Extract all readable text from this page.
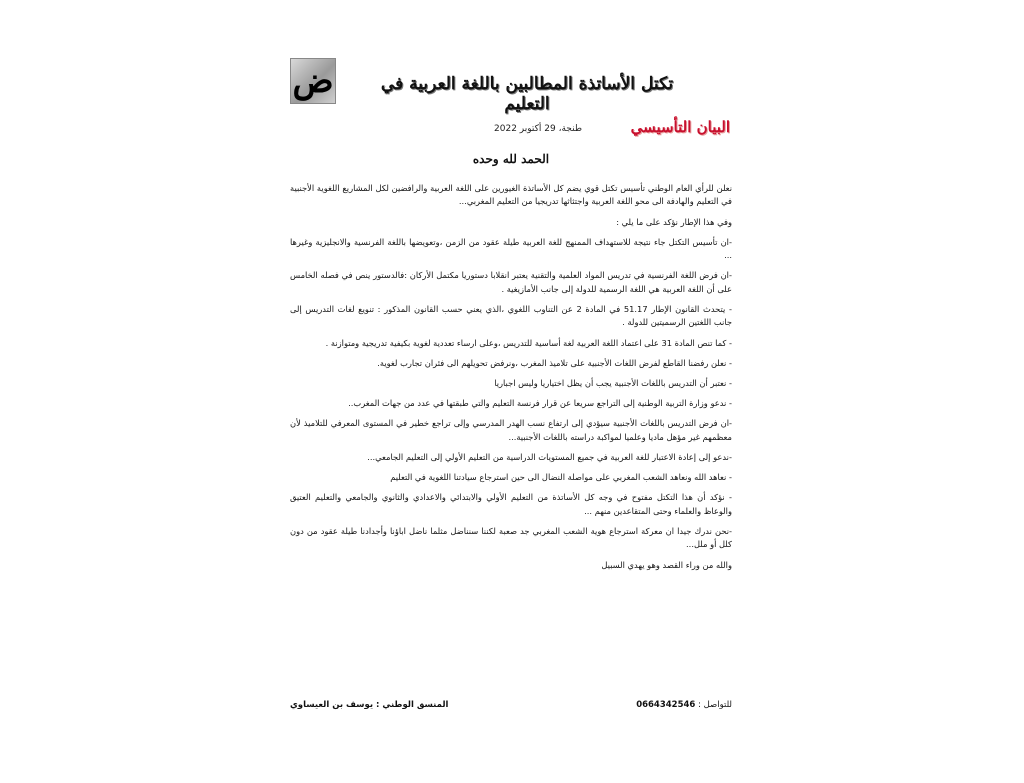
ض	تكتل الأساتذة المطالبين باللغة العربية في التعليم
البيان التأسيسي
طنجة، 29 أكتوبر 2022
الحمد لله وحده

نعلن للرأي العام الوطني تأسيس تكتل قوي يضم كل الأساتذة الغيورين على اللغة العربية والرافضين لكل المشاريع اللغوية الأجنبية في التعليم والهادفة الى محو اللغة العربية واجتثاثها تدريجيا من التعليم المغربي...

وفي هذا الإطار نؤكد على ما يلي :

-ان تأسيس التكتل جاء نتيجة للاستهداف الممنهج للغة العربية طيلة عقود من الزمن ،وتعويضها باللغة الفرنسية والانجليزية وغيرها ...

-ان فرض اللغة الفرنسية في تدريس المواد العلمية والتقنية يعتبر انقلابا دستوريا مكتمل الأركان :فالدستور ينص في فصله الخامس على أن اللغة العربية هي اللغة الرسمية للدولة إلى جانب الأمازيغية .

- يتحدث القانون الإطار 51.17 في المادة 2 عن التناوب اللغوي ،الذي يعني حسب القانون المذكور : تنويع لغات التدريس إلى جانب اللغتين الرسميتين للدولة .

- كما تنص المادة 31 على اعتماد اللغة العربية لغة أساسية للتدريس ،وعلى ارساء تعددية لغوية بكيفية تدريجية ومتوازنة .

- نعلن رفضنا القاطع لفرض اللغات الأجنبية على تلاميذ المغرب ،ونرفض تحويلهم الى فئران تجارب لغوية.

- نعتبر أن التدريس باللغات الأجنبية يجب أن يظل اختياريا وليس اجباريا

- ندعو وزارة التربية الوطنية إلى التراجع سريعا عن قرار فرنسة التعليم والتي طبقتها في عدد من جهات المغرب..

-ان فرض التدريس باللغات الأجنبية سيؤدي إلى ارتفاع نسب الهدر المدرسي وإلى تراجع خطير في المستوى المعرفي للتلاميذ لأن معظمهم غير مؤهل ماديا وعلميا لمواكبة دراسته باللغات الأجنبية...

-ندعو إلى إعادة الاعتبار للغة العربية في جميع المستويات الدراسية من التعليم الأولي إلى التعليم الجامعي...

- نعاهد الله ونعاهد الشعب المغربي على مواصلة النضال الى حين استرجاع سيادتنا اللغوية في التعليم

- نؤكد أن هذا التكتل مفتوح في وجه كل الأساتذة من التعليم الأولي والابتدائي والاعدادي والثانوي والجامعي والتعليم العتيق والوعاظ والعلماء وحتى المتقاعدين منهم ...

-نحن ندرك جيدا ان معركة استرجاع هوية الشعب المغربي جد صعبة لكننا سنناضل مثلما ناضل اباؤنا وأجدادنا طيلة عقود من دون كلل أو ملل...

والله من وراء القصد وهو يهدي السبيل

للتواصل : 0664342546
المنسق الوطني : يوسف بن العيساوي
